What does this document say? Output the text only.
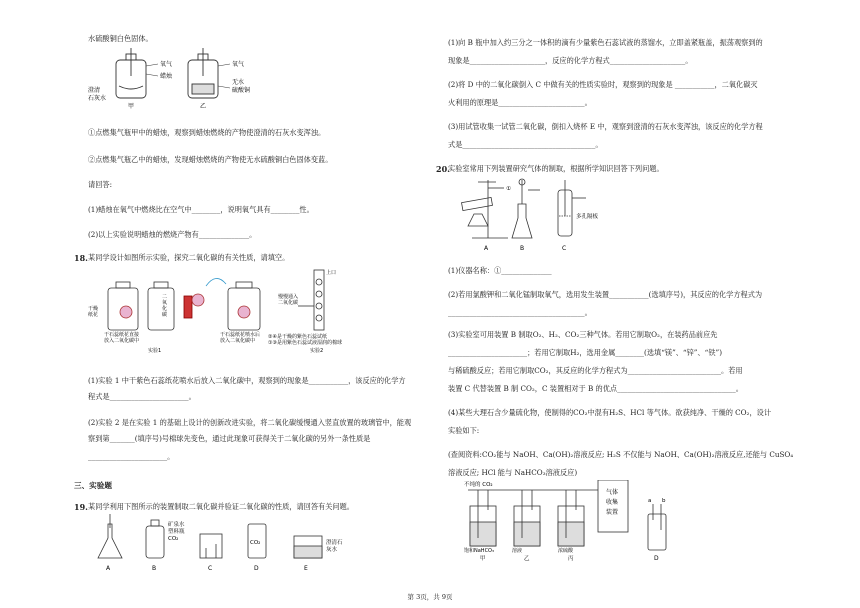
水硫酸铜白色固体。
氧气
蜡烛
澄清
石灰水
甲
氧气
无水
硫酸铜
乙
①点燃集气瓶甲中的蜡烛，观察到蜡烛燃烧的产物使澄清的石灰水变浑浊。
②点燃集气瓶乙中的蜡烛，发现蜡烛燃烧的产物使无水硫酸铜白色固体变蓝。
请回答:
(1)蜡烛在氧气中燃烧比在空气中________，说明氧气具有________性。
(2)以上实验说明蜡烛的燃烧产物有______________。
18. 某同学设计如图所示实验，探究二氧化碳的有关性质，请填空。
干燥
纸花
二
氧
化
碳
干石蕊纸花喷水后
放入二氧化碳中
干石蕊纸花直接
放入二氧化碳中
实验1
上口
慢慢通入
二氧化碳
②④是干燥的紫色石蕊试纸
①③是用紫色石蕊试液湿润的棉球
实验2
(1)实验 1 中干紫色石蕊纸花喷水后放入二氧化碳中，观察到的现象是___________，该反应的化学方
程式是______________________。
(2)实验 2 是在实验 1 的基础上设计的创新改进实验，将二氧化碳缓慢通入竖直放置的玻璃管中，能观
察到第_______(填序号)号棉球先变色，通过此现象可获得关于二氧化碳的另外一条性质是
______________________。
三、实验题
19. 某同学利用下图所示的装置制取二氧化碳并验证二氧化碳的性质，请回答有关问题。
矿泉水
塑料瓶
CO₂
CO₂	澄清石
灰水
A	B	C	D	E
(1)向 B 瓶中加入约三分之一体积的滴有少量紫色石蕊试液的蒸馏水，立即盖紧瓶盖，振荡观察到的
现象是_____________________，反应的化学方程式_____________________。
(2)将 D 中的二氧化碳倒入 C 中做有关的性质实验时，观察到的现象是 ___________，二氧化碳灭
火利用的原理是________________________。
(3)用试管收集一试管二氧化碳，倒扣入烧杯 E 中，观察到澄清的石灰水变浑浊，该反应的化学方程
式是_____________________________________。
20.
实验室常用下列装置研究气体的制取，根据所学知识回答下列问题。
①
多孔隔板
A	B	C
(1)仪器名称：①______________
(2)若用氯酸钾和二氧化锰制取氧气，选用发生装置___________(选填序号)，其反应的化学方程式为
______________________________________。
(3)实验室可用装置 B 制取O₂、H₂、CO₂三种气体。若用它制取O₂，在装药品前应先
______________________；若用它制取H₂，选用金属________(选填“镁”、“锌”、“铁”)
与稀硫酸反应；若用它制取CO₂，其反应的化学方程式为__________________________。若用
装置 C 代替装置 B 制 CO₂，C 装置相对于 B 的优点_________________________________。
(4)某些大理石含少量硫化物，使制得的CO₂中混有H₂S、HCl 等气体。欲获纯净、干燥的 CO₂，设计
实验如下:
(查阅资料:CO₂能与 NaOH、Ca(OH)₂溶液反应; H₂S 不仅能与 NaOH、Ca(OH)₂溶液反应,还能与 CuSO₄
溶液反应; HCl 能与 NaHCO₃溶液反应)
不纯的 CO₂
气体
收集
装置
a b
饱和NaHCO₃	溶液	浓硫酸
甲	乙	丙	D
第 3页，共 9页
